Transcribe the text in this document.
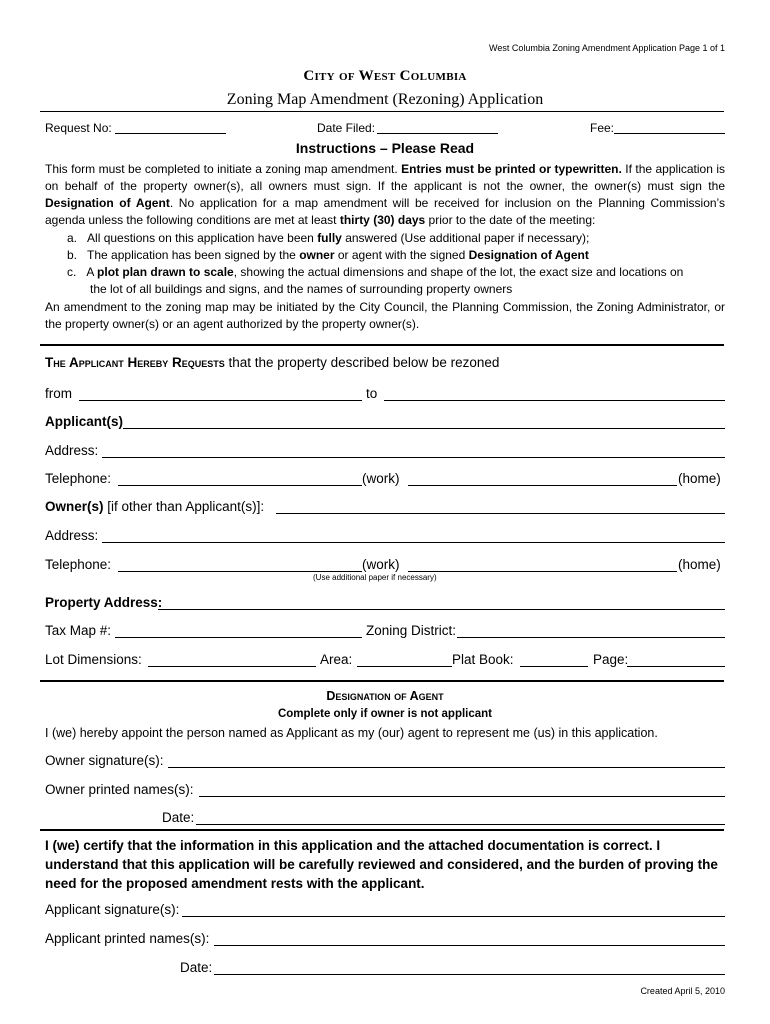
West Columbia Zoning Amendment Application Page 1 of 1
City of West Columbia
Zoning Map Amendment (Rezoning) Application
Request No:	Date Filed:	Fee:
Instructions – Please Read
This form must be completed to initiate a zoning map amendment. Entries must be printed or typewritten. If the application is on behalf of the property owner(s), all owners must sign. If the applicant is not the owner, the owner(s) must sign the Designation of Agent. No application for a map amendment will be received for inclusion on the Planning Commission’s agenda unless the following conditions are met at least thirty (30) days prior to the date of the meeting:
a. All questions on this application have been fully answered (Use additional paper if necessary);
b. The application has been signed by the owner or agent with the signed Designation of Agent
c. A plot plan drawn to scale, showing the actual dimensions and shape of the lot, the exact size and locations on
the lot of all buildings and signs, and the names of surrounding property owners
An amendment to the zoning map may be initiated by the City Council, the Planning Commission, the Zoning Administrator, or the property owner(s) or an agent authorized by the property owner(s).
The Applicant Hereby Requests that the property described below be rezoned
from	to
Applicant(s)
Address:
Telephone:	(work)	(home)
Owner(s) [if other than Applicant(s)]:
Address:
Telephone:	(work)	(home)
(Use additional paper if necessary)
Property Address:
Tax Map #:	Zoning District:
Lot Dimensions:	Area:	Plat Book:	Page:
Designation of Agent
Complete only if owner is not applicant
I (we) hereby appoint the person named as Applicant as my (our) agent to represent me (us) in this application.
Owner signature(s):
Owner printed names(s):
Date:
I (we) certify that the information in this application and the attached documentation is correct. I understand that this application will be carefully reviewed and considered, and the burden of proving the need for the proposed amendment rests with the applicant.
Applicant signature(s):
Applicant printed names(s):
Date:
Created April 5, 2010
